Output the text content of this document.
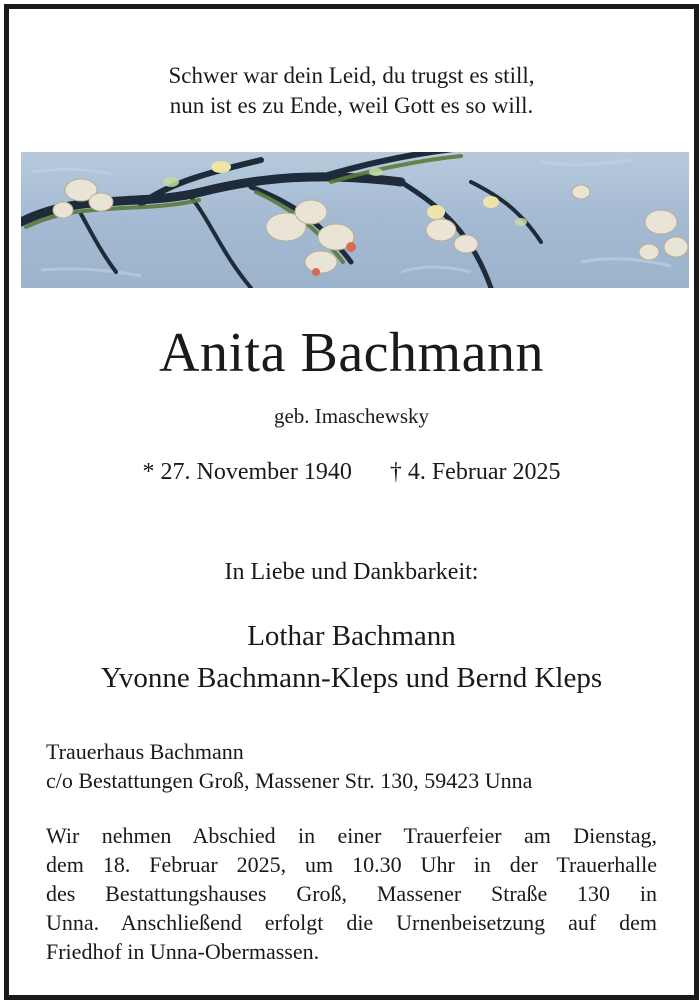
Schwer war dein Leid, du trugst es still,
nun ist es zu Ende, weil Gott es so will.
Anita Bachmann
geb. Imaschewsky
* 27. November 1940 † 4. Februar 2025
In Liebe und Dankbarkeit:
Lothar Bachmann
Yvonne Bachmann-Kleps und Bernd Kleps
Trauerhaus Bachmann
c/o Bestattungen Groß, Massener Str. 130, 59423 Unna
Wir nehmen Abschied in einer Trauerfeier am Dienstag,
dem 18. Februar 2025, um 10.30 Uhr in der Trauerhalle
des Bestattungshauses Groß, Massener Straße 130 in
Unna. Anschließend erfolgt die Urnenbeisetzung auf dem
Friedhof in Unna-Obermassen.
